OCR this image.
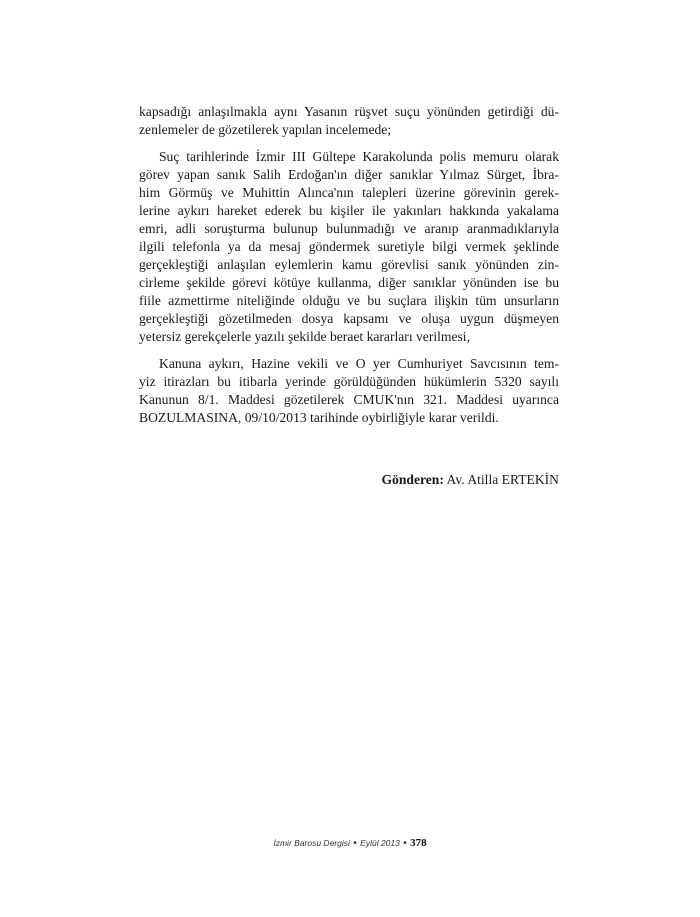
kapsadığı anlaşılmakla aynı Yasanın rüşvet suçu yönünden getirdiği dü-
zenlemeler de gözetilerek yapılan incelemede;
Suç tarihlerinde İzmir III Gültepe Karakolunda polis memuru olarak
görev yapan sanık Salih Erdoğan'ın diğer sanıklar Yılmaz Sürget, İbra-
him Görmüş ve Muhittin Alınca'nın talepleri üzerine görevinin gerek-
lerine aykırı hareket ederek bu kişiler ile yakınları hakkında yakalama
emri, adli soruşturma bulunup bulunmadığı ve aranıp aranmadıklarıyla
ilgili telefonla ya da mesaj göndermek suretiyle bilgi vermek şeklinde
gerçekleştiği anlaşılan eylemlerin kamu görevlisi sanık yönünden zin-
cirleme şekilde görevi kötüye kullanma, diğer sanıklar yönünden ise bu
fiile azmettirme niteliğinde olduğu ve bu suçlara ilişkin tüm unsurların
gerçekleştiği gözetilmeden dosya kapsamı ve oluşa uygun düşmeyen
yetersiz gerekçelerle yazılı şekilde beraet kararları verilmesi,
Kanuna aykırı, Hazine vekili ve O yer Cumhuriyet Savcısının tem-
yiz itirazları bu itibarla yerinde görüldüğünden hükümlerin 5320 sayılı
Kanunun 8/1. Maddesi gözetilerek CMUK'nın 321. Maddesi uyarınca
BOZULMASINA, 09/10/2013 tarihinde oybirliğiyle karar verildi.
Gönderen: Av. Atilla ERTEKİN
İzmir Barosu Dergisi • Eylül 2013 • 378
